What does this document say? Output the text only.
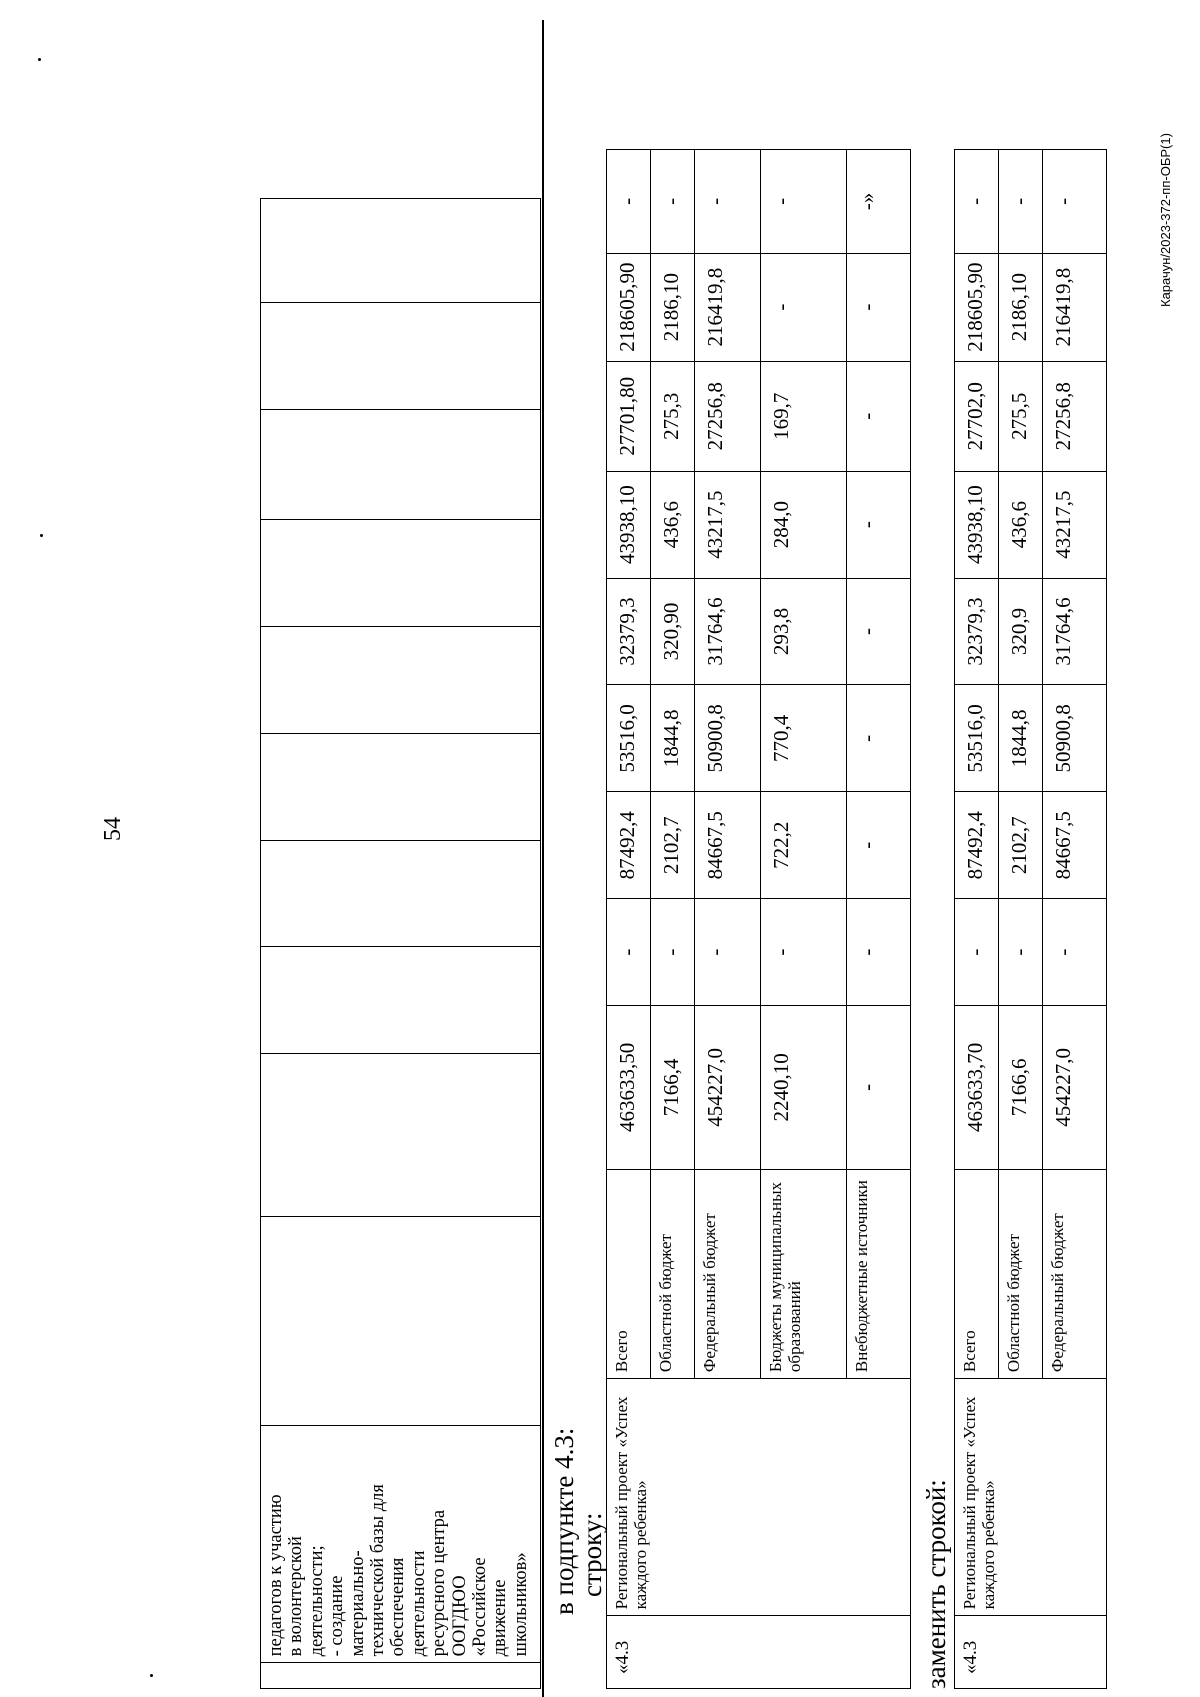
54

педагогов к участию
в волонтерской
деятельности;
- создание
материально-
технической базы для
обеспечения
деятельности
ресурсного центра
ООГДЮО
«Российское
движение
школьников»
										в подпункте 4.3:
строку:
«4.3	Региональный проект «Успех каждого ребенка»	Всего	463633,50	-	87492,4	53516,0	32379,3	43938,10	27701,80	218605,90	-
		Областной бюджет	7166,4	-	2102,7	1844,8	320,90	436,6	275,3	2186,10	-
		Федеральный бюджет	454227,0	-	84667,5	50900,8	31764,6	43217,5	27256,8	216419,8	-
		Бюджеты муниципальных образований	2240,10	-	722,2	770,4	293,8	284,0	169,7	-	-
		Внебюджетные источники	-	-	-	-	-	-	-	-	-»
заменить строкой: «4.3	Региональный проект «Успех каждого ребенка»	Всего	463633,70	-	87492,4	53516,0	32379,3	43938,10	27702,0	218605,90	-
		Областной бюджет	7166,6	-	2102,7	1844,8	320,9	436,6	275,5	2186,10	-
		Федеральный бюджет	454227,0	-	84667,5	50900,8	31764,6	43217,5	27256,8	216419,8	-	Карачун/2023-372-пп-ОБР(1)
